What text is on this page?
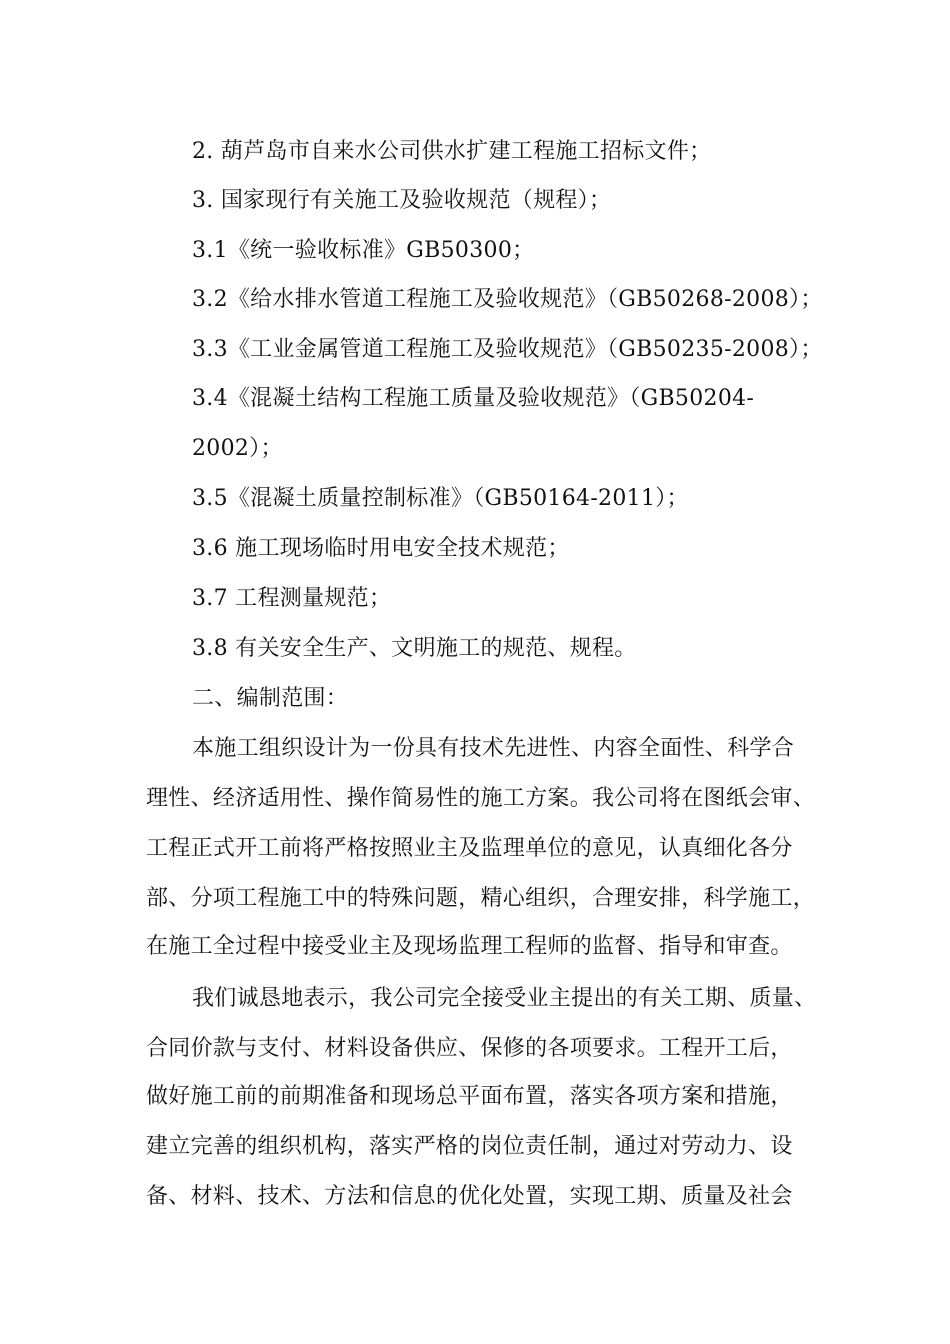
2. 葫芦岛市自来水公司供水扩建工程施工招标文件；
3. 国家现行有关施工及验收规范（规程）；
3.1《统一验收标准》GB50300；
3.2《给水排水管道工程施工及验收规范》（GB50268-2008）；
3.3《工业金属管道工程施工及验收规范》（GB50235-2008）；
3.4《混凝土结构工程施工质量及验收规范》（GB50204-
2002）；
3.5《混凝土质量控制标准》（GB50164-2011）；
3.6 施工现场临时用电安全技术规范；
3.7 工程测量规范；
3.8 有关安全生产、文明施工的规范、规程。
二、编制范围：
本施工组织设计为一份具有技术先进性、内容全面性、科学合
理性、经济适用性、操作简易性的施工方案。我公司将在图纸会审、
工程正式开工前将严格按照业主及监理单位的意见，认真细化各分
部、分项工程施工中的特殊问题，精心组织，合理安排，科学施工，
在施工全过程中接受业主及现场监理工程师的监督、指导和审查。
我们诚恳地表示，我公司完全接受业主提出的有关工期、质量、
合同价款与支付、材料设备供应、保修的各项要求。工程开工后，
做好施工前的前期准备和现场总平面布置，落实各项方案和措施，
建立完善的组织机构，落实严格的岗位责任制，通过对劳动力、设
备、材料、技术、方法和信息的优化处置，实现工期、质量及社会
